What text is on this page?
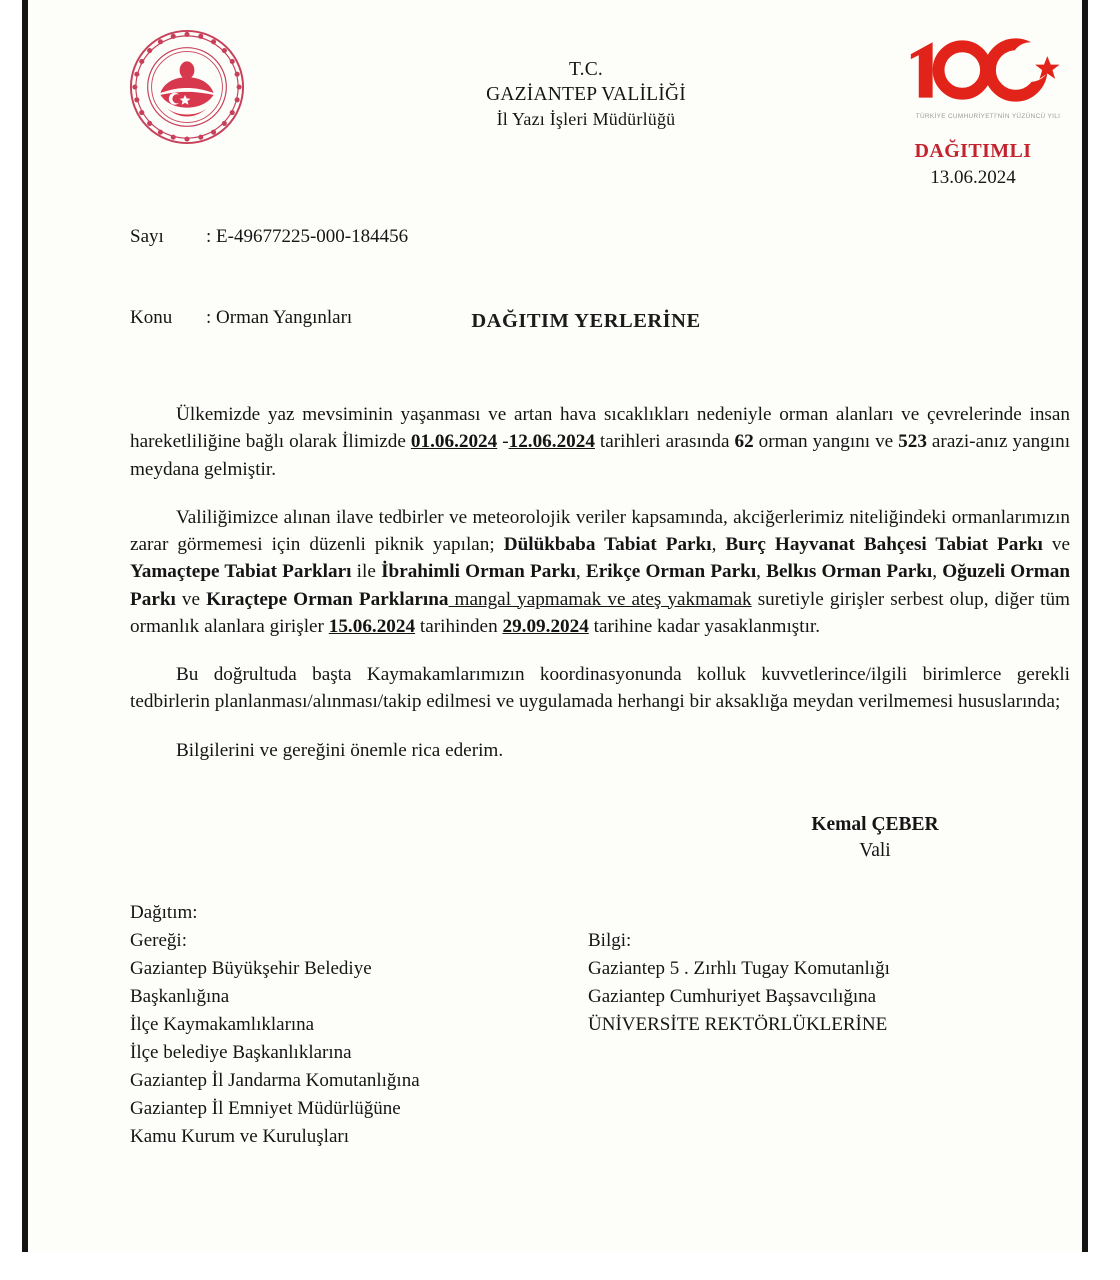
T.C.
GAZİANTEP VALİLİĞİ
İl Yazı İşleri Müdürlüğü	TÜRKİYE CUMHURİYETİ'NİN YÜZÜNCÜ YILI

Sayı		: E-49677225-000-184456

Konu	: Orman Yangınları

DAĞITIMLI
13.06.2024
DAĞITIM YERLERİNE

Ülkemizde yaz mevsiminin yaşanması ve artan hava sıcaklıkları nedeniyle orman alanları ve çevrelerinde insan hareketliliğine bağlı olarak İlimizde 01.06.2024 -12.06.2024 tarihleri arasında 62 orman yangını ve 523 arazi-anız yangını meydana gelmiştir.

Valiliğimizce alınan ilave tedbirler ve meteorolojik veriler kapsamında, akciğerlerimiz niteliğindeki ormanlarımızın zarar görmemesi için düzenli piknik yapılan; Dülükbaba Tabiat Parkı, Burç Hayvanat Bahçesi Tabiat Parkı ve Yamaçtepe Tabiat Parkları ile İbrahimli Orman Parkı, Erikçe Orman Parkı, Belkıs Orman Parkı, Oğuzeli Orman Parkı ve Kıraçtepe Orman Parklarına mangal yapmamak ve ateş yakmamak suretiyle girişler serbest olup, diğer tüm ormanlık alanlara girişler 15.06.2024 tarihinden 29.09.2024 tarihine kadar yasaklanmıştır.

Bu doğrultuda başta Kaymakamlarımızın koordinasyonunda kolluk kuvvetlerince/ilgili birimlerce gerekli tedbirlerin planlanması/alınması/takip edilmesi ve uygulamada herhangi bir aksaklığa meydan verilmemesi hususlarında;

Bilgilerini ve gereğini önemle rica ederim.

Kemal ÇEBER
Vali
Dağıtım:
Gereği:
Gaziantep Büyükşehir Belediye
Başkanlığına
İlçe Kaymakamlıklarına
İlçe belediye Başkanlıklarına
Gaziantep İl Jandarma Komutanlığına
Gaziantep İl Emniyet Müdürlüğüne
Kamu Kurum ve Kuruluşları
Bilgi:
Gaziantep 5 . Zırhlı Tugay Komutanlığı
Gaziantep Cumhuriyet Başsavcılığına
ÜNİVERSİTE REKTÖRLÜKLERİNE
